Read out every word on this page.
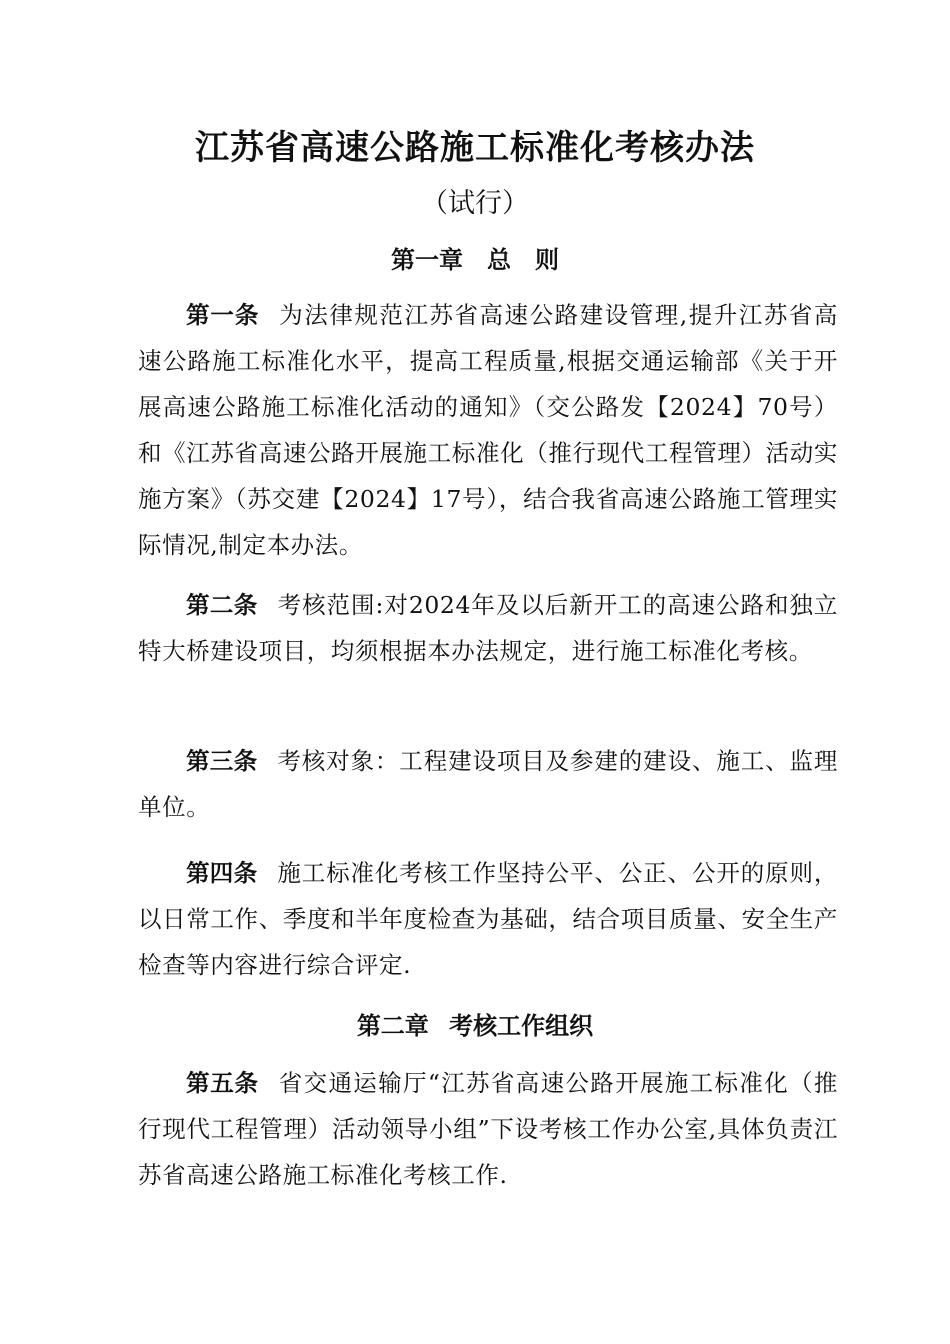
江苏省高速公路施工标准化考核办法
（试行）
第一章　总　则
第一条 为法律规范江苏省高速公路建设管理,提升江苏省高速公路施工标准化水平，提高工程质量,根据交通运输部《关于开展高速公路施工标准化活动的通知》（交公路发【2024】70号）和《江苏省高速公路开展施工标准化（推行现代工程管理）活动实施方案》（苏交建【2024】17号），结合我省高速公路施工管理实际情况,制定本办法。
第二条 考核范围:对2024年及以后新开工的高速公路和独立特大桥建设项目，均须根据本办法规定，进行施工标准化考核。
第三条 考核对象：工程建设项目及参建的建设、施工、监理单位。
第四条 施工标准化考核工作坚持公平、公正、公开的原则，以日常工作、季度和半年度检查为基础，结合项目质量、安全生产检查等内容进行综合评定.
第二章 考核工作组织
第五条 省交通运输厅“江苏省高速公路开展施工标准化（推行现代工程管理）活动领导小组”下设考核工作办公室,具体负责江苏省高速公路施工标准化考核工作.
